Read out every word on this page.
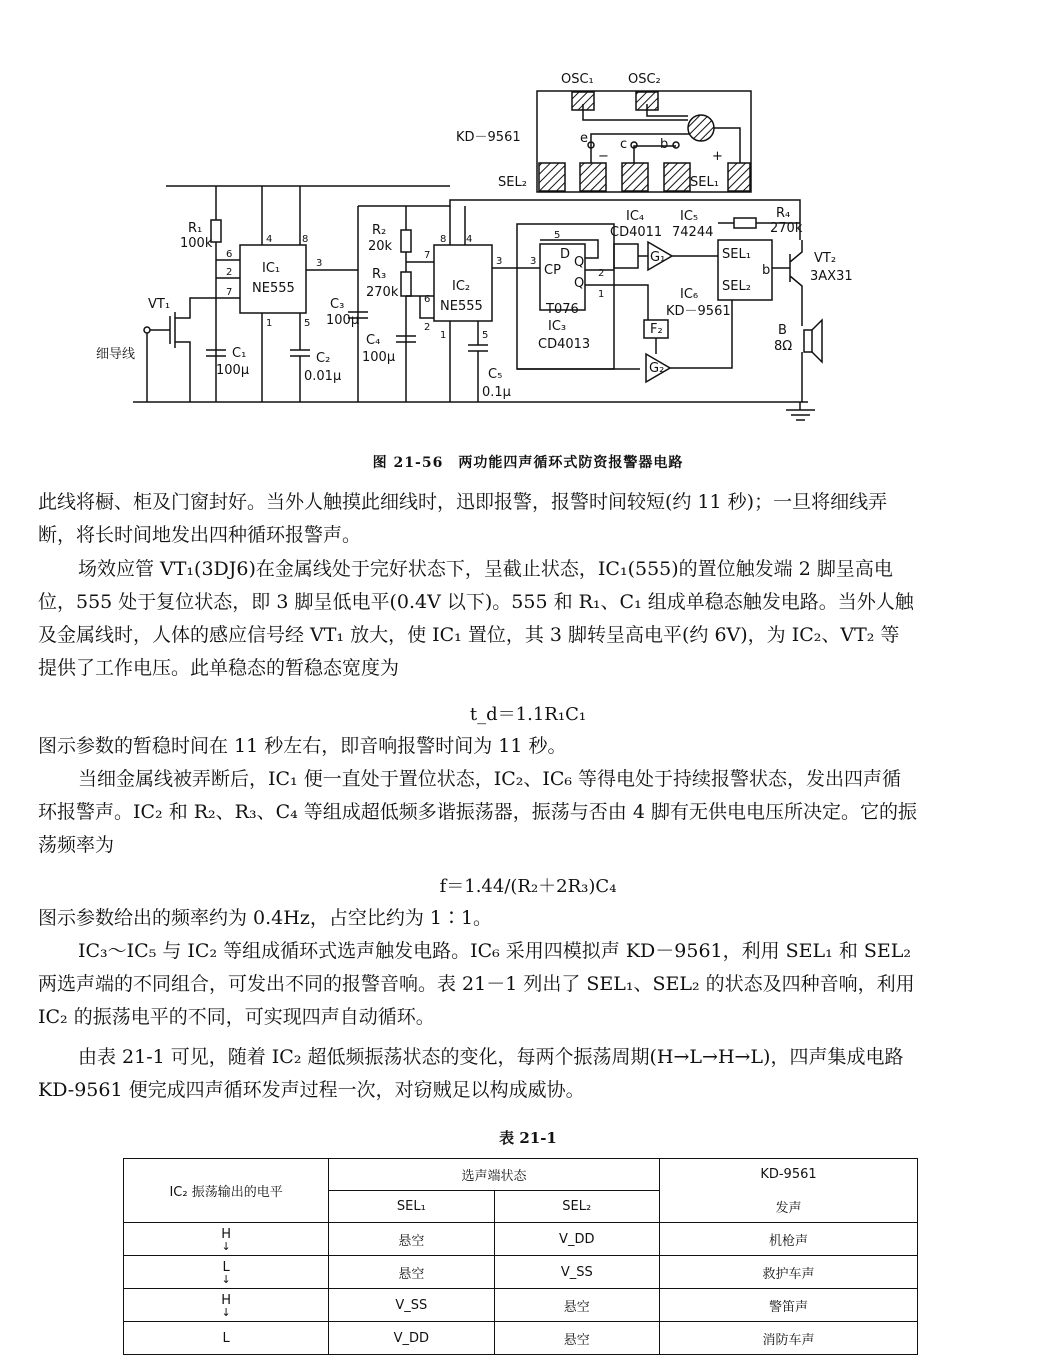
OSC₁	OSC₂
KD－9561
SEL₂	SEL₁
e c	b
−	+
R₁
100k
IC₁
NE555
VT₁
C₁
100μ
C₂
0.01μ
细导线
R₂
20k
R₃
270k
C₃
100μ
C₄
100μ
IC₂
NE555
C₅
0.1μ
IC₄
CD4011
IC₅
74244
R₄
270k
VT₂
3AX31
D
CP
Q
Q
T076
IC₃
CD4013
G₁
G₂
F₂
IC₆
KD－9561
SEL₁
SEL₂
b
B
8Ω
6
2
7
4	8
3
1	5
7
8 4
6
2
1	5
3
5
3
2
1
图 21-56　两功能四声循环式防资报警器电路

此线将橱、柜及门窗封好。当外人触摸此细线时，迅即报警，报警时间较短(约 11 秒)；一旦将细线弄断，将长时间地发出四种循环报警声。

场效应管 VT₁(3DJ6)在金属线处于完好状态下，呈截止状态，IC₁(555)的置位触发端 2 脚呈高电位，555 处于复位状态，即 3 脚呈低电平(0.4V 以下)。555 和 R₁、C₁ 组成单稳态触发电路。当外人触及金属线时，人体的感应信号经 VT₁ 放大，使 IC₁ 置位，其 3 脚转呈高电平(约 6V)，为 IC₂、VT₂ 等提供了工作电压。此单稳态的暂稳态宽度为

t_d＝1.1R₁C₁

图示参数的暂稳时间在 11 秒左右，即音响报警时间为 11 秒。

当细金属线被弄断后，IC₁ 便一直处于置位状态，IC₂、IC₆ 等得电处于持续报警状态，发出四声循环报警声。IC₂ 和 R₂、R₃、C₄ 等组成超低频多谐振荡器，振荡与否由 4 脚有无供电电压所决定。它的振荡频率为

f＝1.44/(R₂＋2R₃)C₄

图示参数给出的频率约为 0.4Hz，占空比约为 1∶1。

IC₃～IC₅ 与 IC₂ 等组成循环式选声触发电路。IC₆ 采用四模拟声 KD－9561，利用 SEL₁ 和 SEL₂ 两选声端的不同组合，可发出不同的报警音响。表 21－1 列出了 SEL₁、SEL₂ 的状态及四种音响，利用 IC₂ 的振荡电平的不同，可实现四声自动循环。

由表 21-1 可见，随着 IC₂ 超低频振荡状态的变化，每两个振荡周期(H→L→H→L)，四声集成电路 KD-9561 便完成四声循环发声过程一次，对窃贼足以构成威协。

表 21-1
IC₂ 振荡输出的电平	选声端状态		KD-9561
	SEL₁	SEL₂	发声
H
↓	悬空	V_DD	机枪声
L
↓	悬空	V_SS	救护车声
H
↓	V_SS	悬空	警笛声
L	V_DD	悬空	消防车声
